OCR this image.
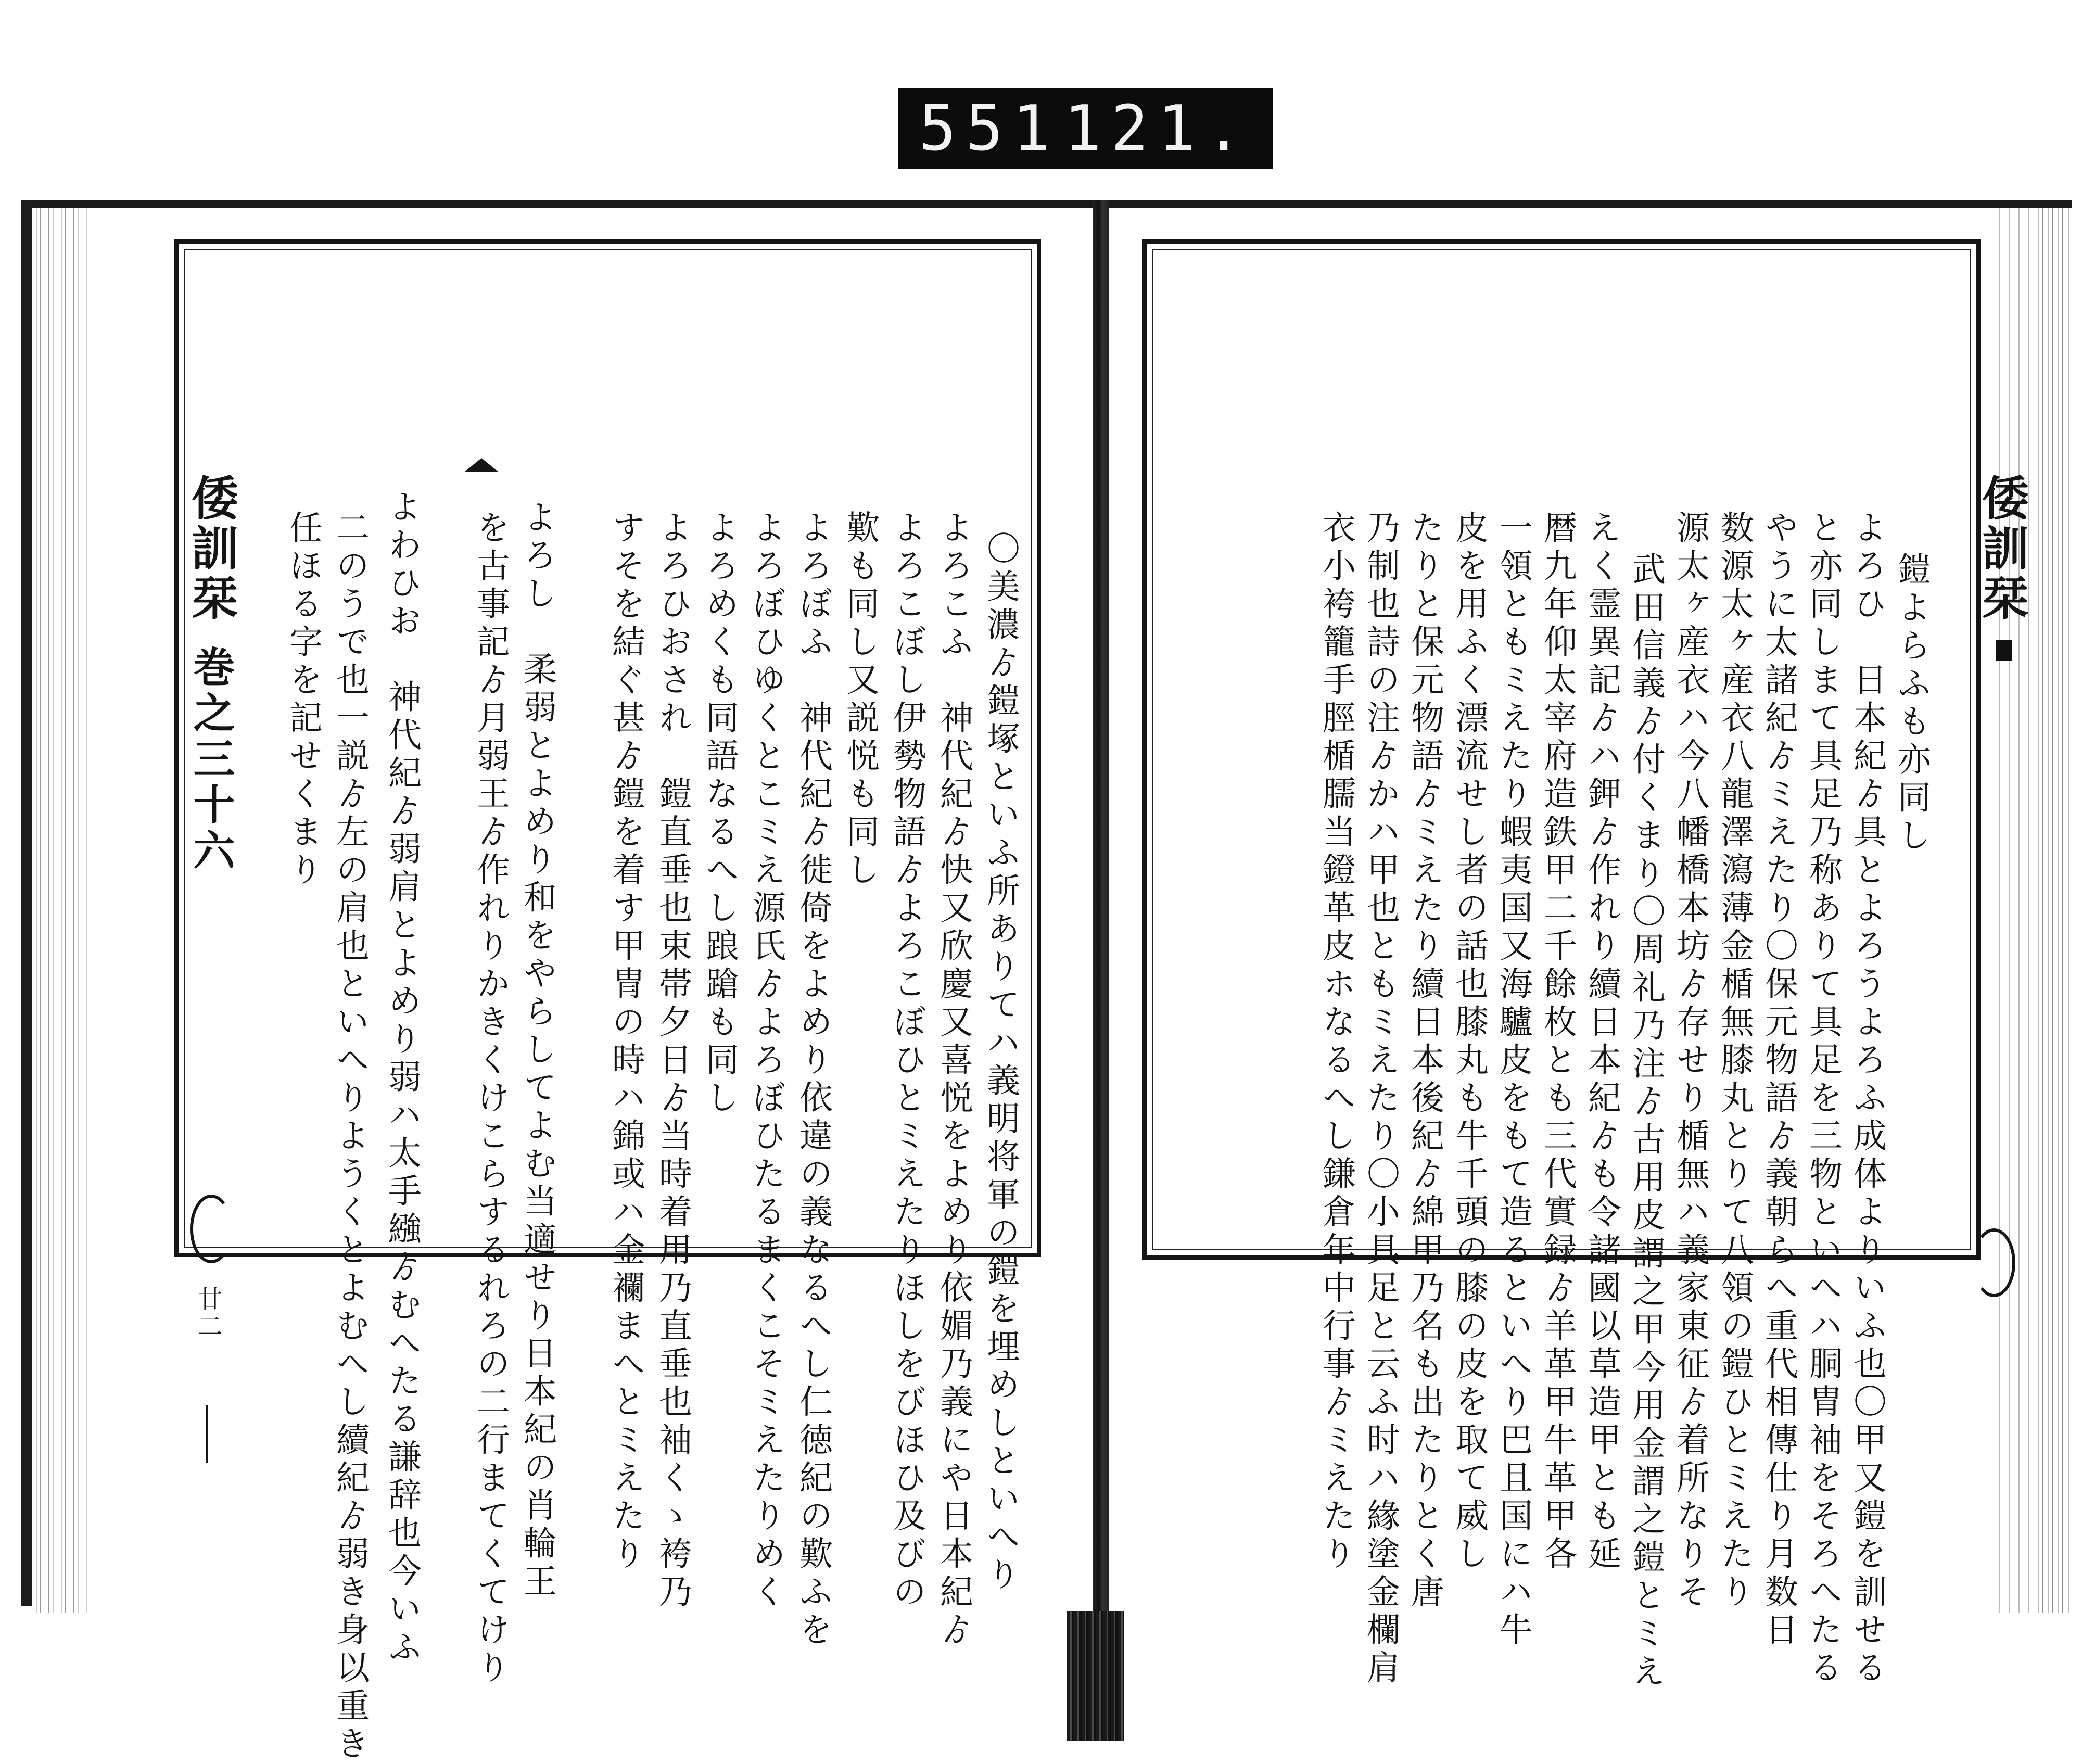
551 121.
倭訓栞
鎧よらふも亦同し
よろひ　日本紀ゟ具とよろうよろふ成体よりいふ也〇甲又鎧を訓せる
と亦同しまて具足乃称ありて具足を三物といへハ胴胄袖をそろへたる
やうに太諸紀ゟミえたり〇保元物語ゟ義朝らへ重代相傳仕り月数日
数源太ヶ産衣八龍澤瀉薄金楯無膝丸とりて八領の鎧ひとミえたり
源太ヶ産衣ハ今八幡橋本坊ゟ存せり楯無ハ義家東征ゟ着所なりそ
武田信義ゟ付くまり〇周礼乃注ゟ古用皮謂之甲今用金謂之鎧とミえ
えく霊異記ゟハ鉀ゟ作れり續日本紀ゟも令諸國以草造甲とも延
暦九年仰太宰府造鉄甲二千餘枚とも三代實録ゟ羊革甲牛革甲各
一領ともミえたり蝦夷国又海驢皮をもて造るといへり巴且国にハ牛
皮を用ふく漂流せし者の話也膝丸も牛千頭の膝の皮を取て威し
たりと保元物語ゟミえたり續日本後紀ゟ綿甲乃名も出たりとく唐
乃制也詩の注ゟかハ甲也ともミえたり〇小具足と云ふ时ハ緣塗金欄肩
衣小袴籠手脛楯臑当鐙革皮ホなるへし鎌倉年中行事ゟミえたり
倭訓栞
巻之三十六
廿二	〇美濃ゟ鎧塚といふ所ありてハ義明将軍の鎧を埋めしといへり
よろこふ　神代紀ゟ快又欣慶又喜悦をよめり依媚乃義にや日本紀ゟ
よろこぼし伊勢物語ゟよろこぼひとミえたりほしをびほひ及びの
歎も同し又説悦も同し
よろぼふ　神代紀ゟ徙倚をよめり依違の義なるへし仁徳紀の歎ふを
よろぼひゆくとこミえ源氏ゟよろぼひたるまくこそミえたりめく
よろめくも同語なるへし踉蹌も同し
よろひおされ　鎧直垂也束帯夕日ゟ当時着用乃直垂也袖くゝ袴乃
すそを結ぐ甚ゟ鎧を着す甲冑の時ハ錦或ハ金襴まへとミえたり
よろし　柔弱とよめり和をやらしてよむ当適せり日本紀の肖輪王
を古事記ゟ月弱王ゟ作れりかきくけこらするれろの二行まてくてけり
よわひお　神代紀ゟ弱肩とよめり弱ハ太手繈ゟむへたる謙辞也今いふ
二のうで也一説ゟ左の肩也といへりようくとよむへし續紀ゟ弱き身以重き
任ほる字を記せくまり
